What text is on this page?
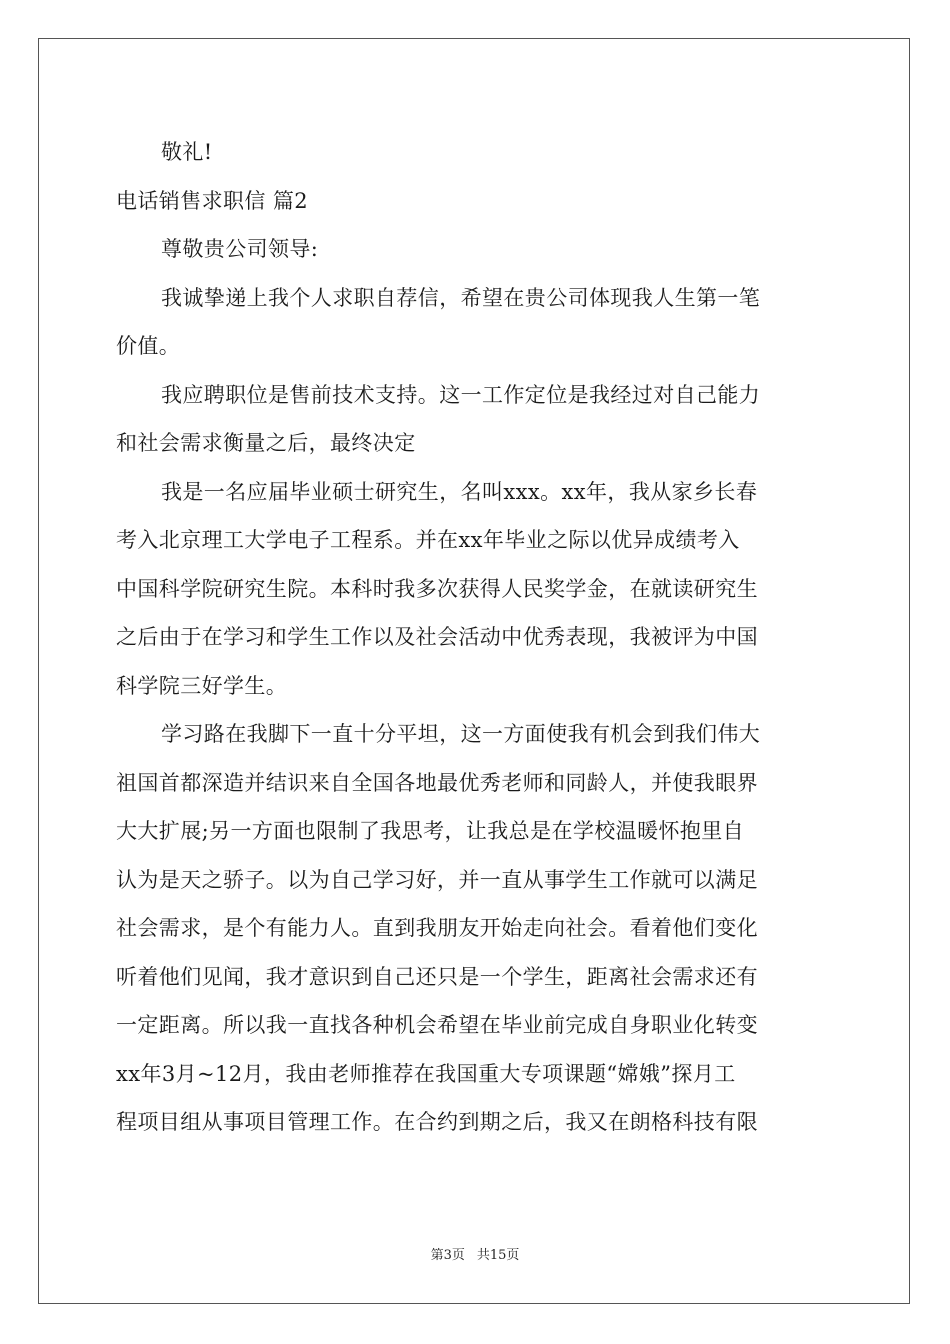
敬礼!
电话销售求职信 篇2
尊敬贵公司领导:
我诚挚递上我个人求职自荐信，希望在贵公司体现我人生第一笔
价值。
我应聘职位是售前技术支持。这一工作定位是我经过对自己能力
和社会需求衡量之后，最终决定
我是一名应届毕业硕士研究生，名叫xxx。xx年，我从家乡长春
考入北京理工大学电子工程系。并在xx年毕业之际以优异成绩考入
中国科学院研究生院。本科时我多次获得人民奖学金，在就读研究生
之后由于在学习和学生工作以及社会活动中优秀表现，我被评为中国
科学院三好学生。
学习路在我脚下一直十分平坦，这一方面使我有机会到我们伟大
祖国首都深造并结识来自全国各地最优秀老师和同龄人，并使我眼界
大大扩展;另一方面也限制了我思考，让我总是在学校温暖怀抱里自
认为是天之骄子。以为自己学习好，并一直从事学生工作就可以满足
社会需求，是个有能力人。直到我朋友开始走向社会。看着他们变化
听着他们见闻，我才意识到自己还只是一个学生，距离社会需求还有
一定距离。所以我一直找各种机会希望在毕业前完成自身职业化转变
xx年3月~12月，我由老师推荐在我国重大专项课题“嫦娥”探月工
程项目组从事项目管理工作。在合约到期之后，我又在朗格科技有限
第3页 共15页
